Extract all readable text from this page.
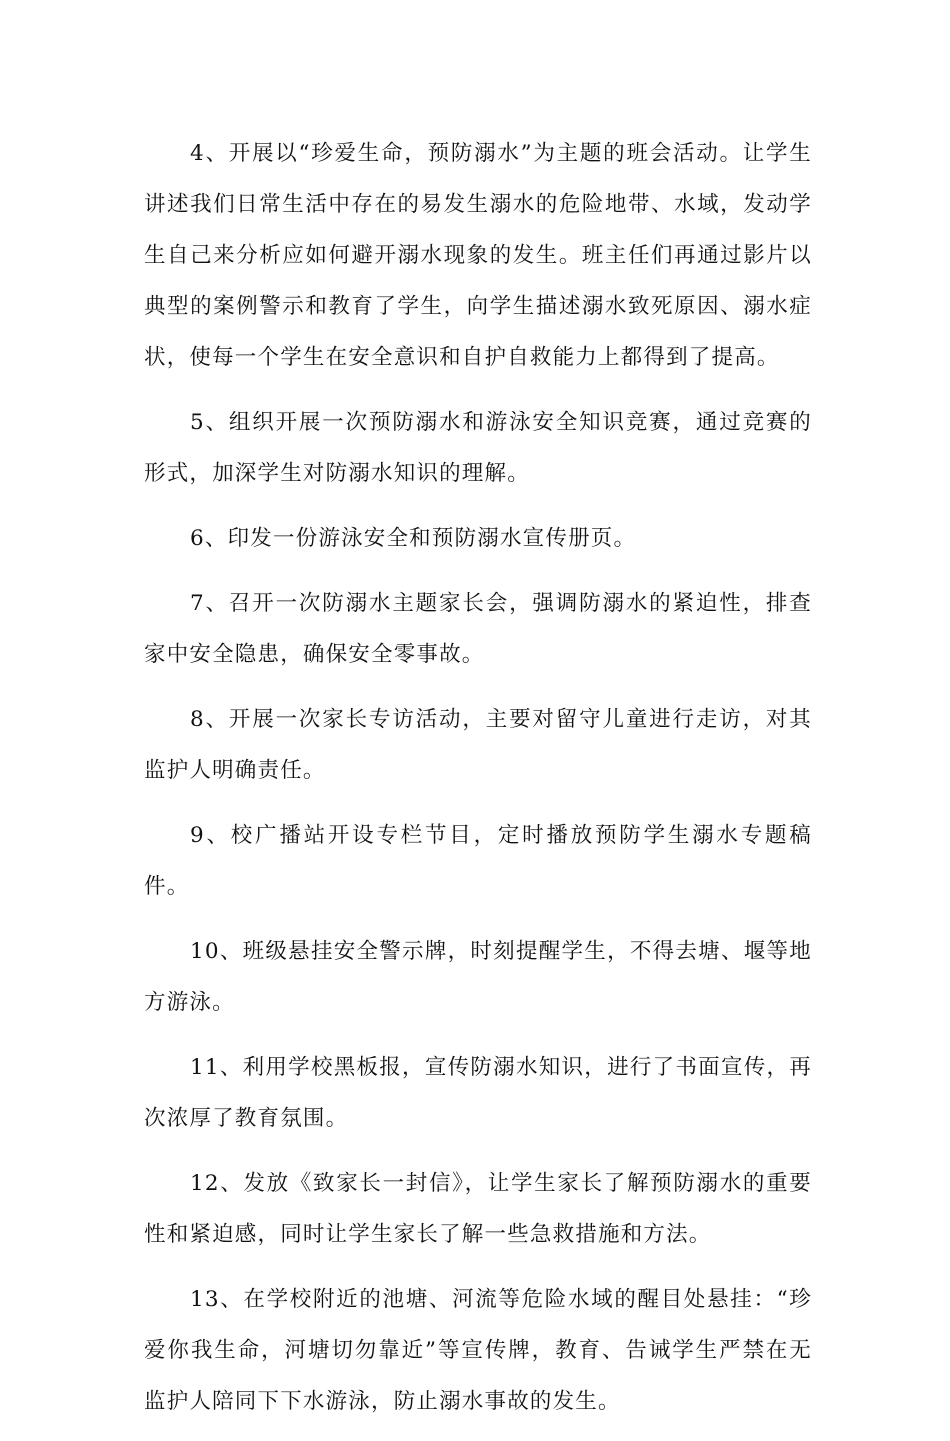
4、开展以“珍爱生命，预防溺水”为主题的班会活动。让学生讲述我们日常生活中存在的易发生溺水的危险地带、水域，发动学生自己来分析应如何避开溺水现象的发生。班主任们再通过影片以典型的案例警示和教育了学生，向学生描述溺水致死原因、溺水症状，使每一个学生在安全意识和自护自救能力上都得到了提高。

5、组织开展一次预防溺水和游泳安全知识竞赛，通过竞赛的形式，加深学生对防溺水知识的理解。

6、印发一份游泳安全和预防溺水宣传册页。

7、召开一次防溺水主题家长会，强调防溺水的紧迫性，排查家中安全隐患，确保安全零事故。

8、开展一次家长专访活动，主要对留守儿童进行走访，对其监护人明确责任。

9、校广播站开设专栏节目，定时播放预防学生溺水专题稿件。

10、班级悬挂安全警示牌，时刻提醒学生，不得去塘、堰等地方游泳。

11、利用学校黑板报，宣传防溺水知识，进行了书面宣传，再次浓厚了教育氛围。

12、发放《致家长一封信》，让学生家长了解预防溺水的重要性和紧迫感，同时让学生家长了解一些急救措施和方法。

13、在学校附近的池塘、河流等危险水域的醒目处悬挂：“珍爱你我生命，河塘切勿靠近”等宣传牌，教育、告诫学生严禁在无监护人陪同下下水游泳，防止溺水事故的发生。
